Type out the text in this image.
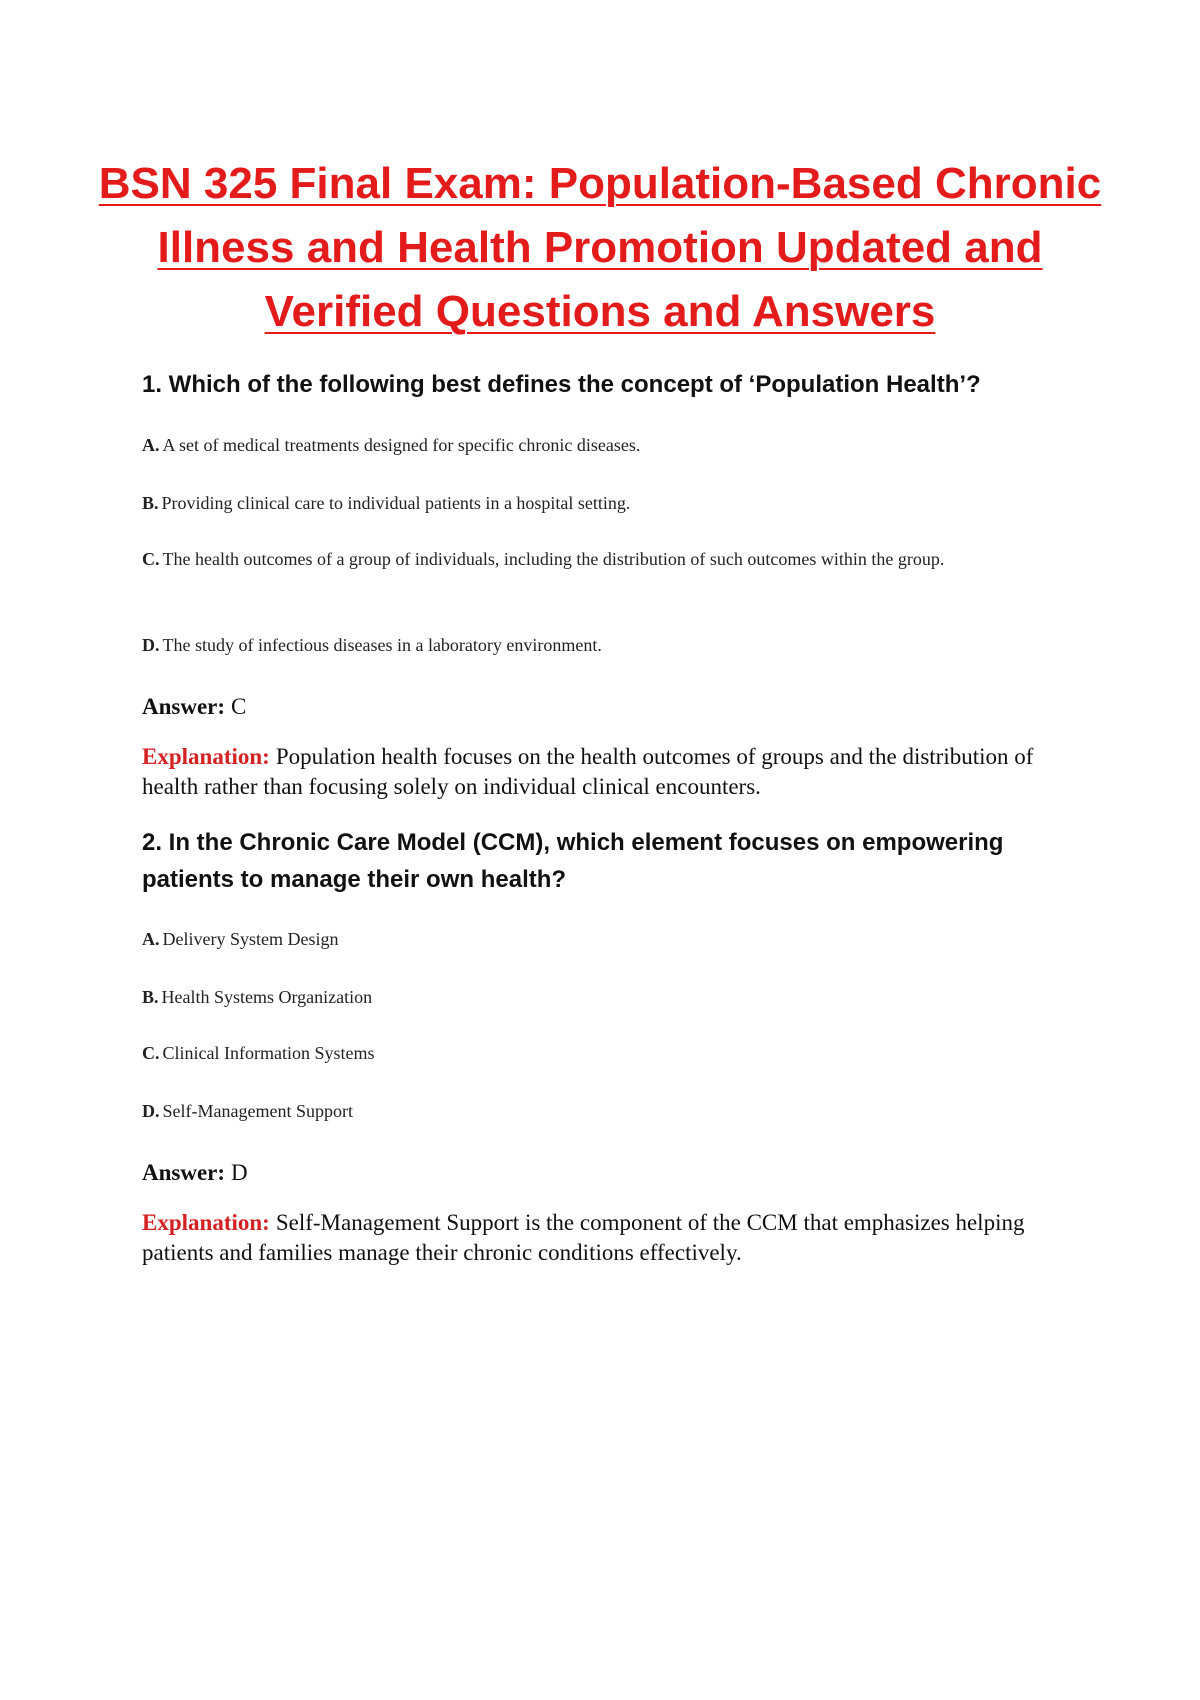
BSN 325 Final Exam: Population-Based Chronic
Illness and Health Promotion Updated and
Verified Questions and Answers

1. Which of the following best defines the concept of ‘Population Health’?

A. A set of medical treatments designed for specific chronic diseases.

B. Providing clinical care to individual patients in a hospital setting.

C. The health outcomes of a group of individuals, including the distribution of such outcomes within the group.

D. The study of infectious diseases in a laboratory environment.

Answer: C

Explanation: Population health focuses on the health outcomes of groups and the distribution of health rather than focusing solely on individual clinical encounters.

2. In the Chronic Care Model (CCM), which element focuses on empowering patients to manage their own health?

A. Delivery System Design

B. Health Systems Organization

C. Clinical Information Systems

D. Self-Management Support

Answer: D

Explanation: Self-Management Support is the component of the CCM that emphasizes helping patients and families manage their chronic conditions effectively.
